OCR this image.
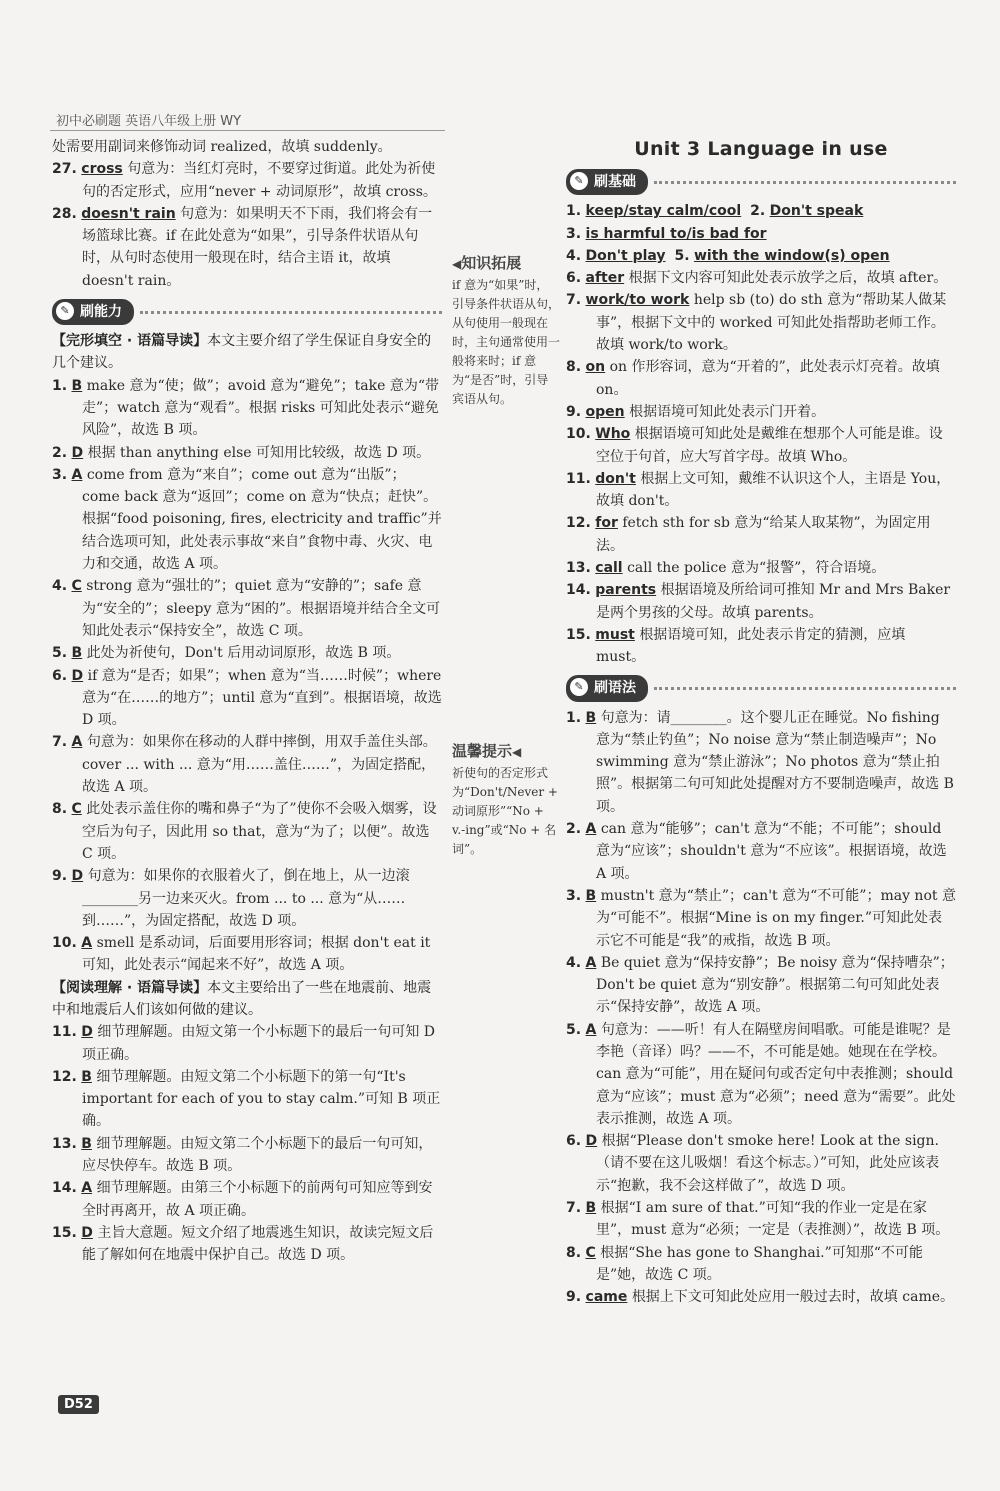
初中必刷题 英语八年级上册 WY

处需要用副词来修饰动词 realized，故填 suddenly。

27. cross 句意为：当红灯亮时，不要穿过街道。此处为祈使句的否定形式，应用“never + 动词原形”，故填 cross。

28. doesn't rain 句意为：如果明天不下雨，我们将会有一场篮球比赛。if 在此处意为“如果”，引导条件状语从句时，从句时态使用一般现在时，结合主语 it，故填 doesn't rain。

✎ 刷能力

【完形填空 · 语篇导读】本文主要介绍了学生保证自身安全的几个建议。

1. B make 意为“使；做”；avoid 意为“避免”；take 意为“带走”；watch 意为“观看”。根据 risks 可知此处表示“避免风险”，故选 B 项。

2. D 根据 than anything else 可知用比较级，故选 D 项。

3. A come from 意为“来自”；come out 意为“出版”；come back 意为“返回”；come on 意为“快点；赶快”。根据“food poisoning, fires, electricity and traffic”并结合选项可知，此处表示事故“来自”食物中毒、火灾、电力和交通，故选 A 项。

4. C strong 意为“强壮的”；quiet 意为“安静的”；safe 意为“安全的”；sleepy 意为“困的”。根据语境并结合全文可知此处表示“保持安全”，故选 C 项。

5. B 此处为祈使句，Don't 后用动词原形，故选 B 项。

6. D if 意为“是否；如果”；when 意为“当……时候”；where 意为“在……的地方”；until 意为“直到”。根据语境，故选 D 项。

7. A 句意为：如果你在移动的人群中摔倒，用双手盖住头部。cover ... with ... 意为“用……盖住……”，为固定搭配，故选 A 项。

8. C 此处表示盖住你的嘴和鼻子“为了”使你不会吸入烟雾，设空后为句子，因此用 so that，意为“为了；以便”。故选 C 项。

9. D 句意为：如果你的衣服着火了，倒在地上，从一边滚________另一边来灭火。from ... to ... 意为“从……到……”，为固定搭配，故选 D 项。

10. A smell 是系动词，后面要用形容词；根据 don't eat it 可知，此处表示“闻起来不好”，故选 A 项。

【阅读理解 · 语篇导读】本文主要给出了一些在地震前、地震中和地震后人们该如何做的建议。

11. D 细节理解题。由短文第一个小标题下的最后一句可知 D 项正确。

12. B 细节理解题。由短文第二个小标题下的第一句“It's important for each of you to stay calm.”可知 B 项正确。

13. B 细节理解题。由短文第二个小标题下的最后一句可知，应尽快停车。故选 B 项。

14. A 细节理解题。由第三个小标题下的前两句可知应等到安全时再离开，故 A 项正确。

15. D 主旨大意题。短文介绍了地震逃生知识，故读完短文后能了解如何在地震中保护自己。故选 D 项。

◀知识拓展

if 意为“如果”时，引导条件状语从句，从句使用一般现在时，主句通常使用一般将来时；if 意为“是否”时，引导宾语从句。

温馨提示◀

祈使句的否定形式为“Don't/Never + 动词原形”“No + v.-ing”或“No + 名词”。

Unit 3 Language in use
✎ 刷基础

1. keep/stay calm/cool 2. Don't speak

3. is harmful to/is bad for

4. Don't play 5. with the window(s) open

6. after 根据下文内容可知此处表示放学之后，故填 after。

7. work/to work help sb (to) do sth 意为“帮助某人做某事”，根据下文中的 worked 可知此处指帮助老师工作。故填 work/to work。

8. on on 作形容词，意为“开着的”，此处表示灯亮着。故填 on。

9. open 根据语境可知此处表示门开着。

10. Who 根据语境可知此处是戴维在想那个人可能是谁。设空位于句首，应大写首字母。故填 Who。

11. don't 根据上文可知，戴维不认识这个人，主语是 You，故填 don't。

12. for fetch sth for sb 意为“给某人取某物”，为固定用法。

13. call call the police 意为“报警”，符合语境。

14. parents 根据语境及所给词可推知 Mr and Mrs Baker 是两个男孩的父母。故填 parents。

15. must 根据语境可知，此处表示肯定的猜测，应填 must。

✎ 刷语法

1. B 句意为：请________。这个婴儿正在睡觉。No fishing 意为“禁止钓鱼”；No noise 意为“禁止制造噪声”；No swimming 意为“禁止游泳”；No photos 意为“禁止拍照”。根据第二句可知此处提醒对方不要制造噪声，故选 B 项。

2. A can 意为“能够”；can't 意为“不能；不可能”；should 意为“应该”；shouldn't 意为“不应该”。根据语境，故选 A 项。

3. B mustn't 意为“禁止”；can't 意为“不可能”；may not 意为“可能不”。根据“Mine is on my finger.”可知此处表示它不可能是“我”的戒指，故选 B 项。

4. A Be quiet 意为“保持安静”；Be noisy 意为“保持嘈杂”；Don't be quiet 意为“别安静”。根据第二句可知此处表示“保持安静”，故选 A 项。

5. A 句意为：——听！有人在隔壁房间唱歌。可能是谁呢？是李艳（音译）吗？——不，不可能是她。她现在在学校。can 意为“可能”，用在疑问句或否定句中表推测；should 意为“应该”；must 意为“必须”；need 意为“需要”。此处表示推测，故选 A 项。

6. D 根据“Please don't smoke here! Look at the sign.（请不要在这儿吸烟！看这个标志。）”可知，此处应该表示“抱歉，我不会这样做了”，故选 D 项。

7. B 根据“I am sure of that.”可知“我的作业一定是在家里”，must 意为“必须；一定是（表推测）”，故选 B 项。

8. C 根据“She has gone to Shanghai.”可知那“不可能是”她，故选 C 项。

9. came 根据上下文可知此处应用一般过去时，故填 came。

D52
